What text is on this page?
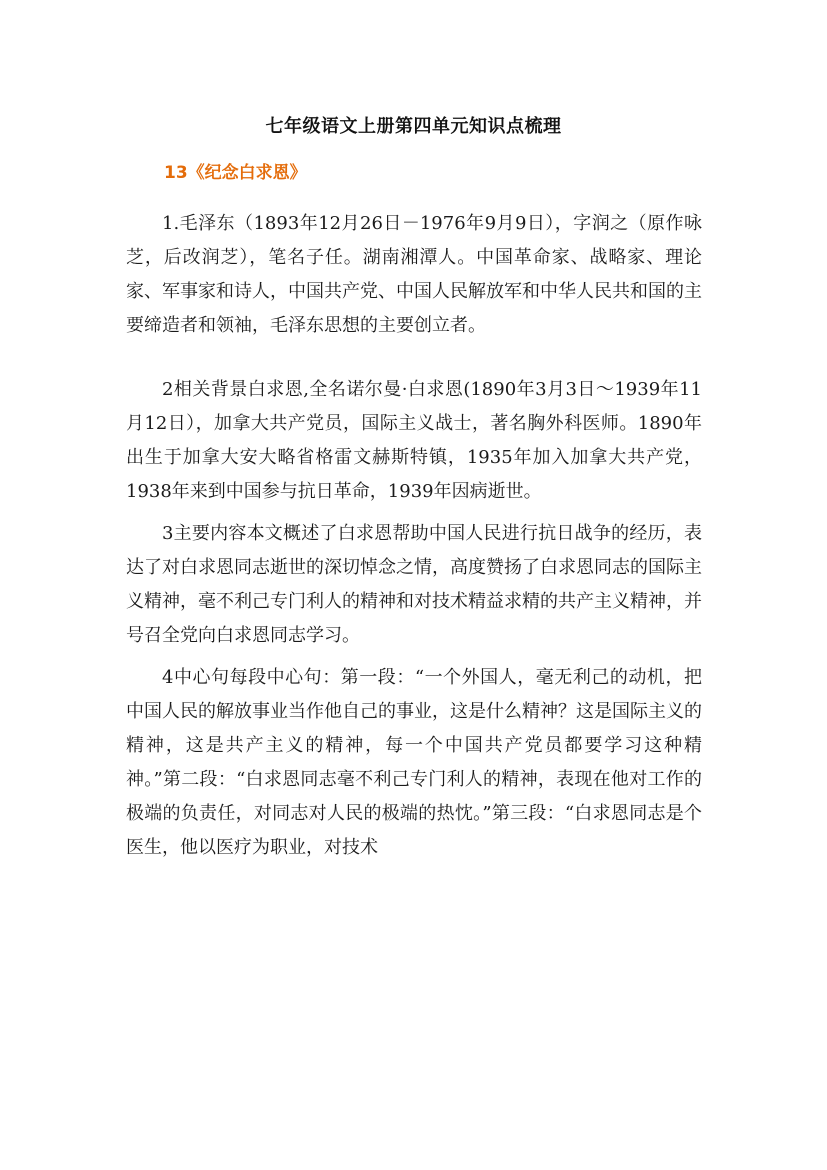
七年级语文上册第四单元知识点梳理
13《纪念白求恩》

1.毛泽东（1893年12月26日－1976年9月9日），字润之（原作咏芝，后改润芝），笔名子任。湖南湘潭人。中国革命家、战略家、理论家、军事家和诗人，中国共产党、中国人民解放军和中华人民共和国的主要缔造者和领袖，毛泽东思想的主要创立者。

2相关背景白求恩,全名诺尔曼·白求恩(1890年3月3日～1939年11月12日），加拿大共产党员，国际主义战士，著名胸外科医师。1890年出生于加拿大安大略省格雷文赫斯特镇，1935年加入加拿大共产党，1938年来到中国参与抗日革命，1939年因病逝世。

3主要内容本文概述了白求恩帮助中国人民进行抗日战争的经历，表达了对白求恩同志逝世的深切悼念之情，高度赞扬了白求恩同志的国际主义精神，毫不利己专门利人的精神和对技术精益求精的共产主义精神，并号召全党向白求恩同志学习。

4中心句每段中心句：第一段：“一个外国人，毫无利己的动机，把中国人民的解放事业当作他自己的事业，这是什么精神？这是国际主义的精神，这是共产主义的精神，每一个中国共产党员都要学习这种精神。”第二段：“白求恩同志毫不利己专门利人的精神，表现在他对工作的极端的负责任，对同志对人民的极端的热忱。”第三段：“白求恩同志是个医生，他以医疗为职业，对技术
